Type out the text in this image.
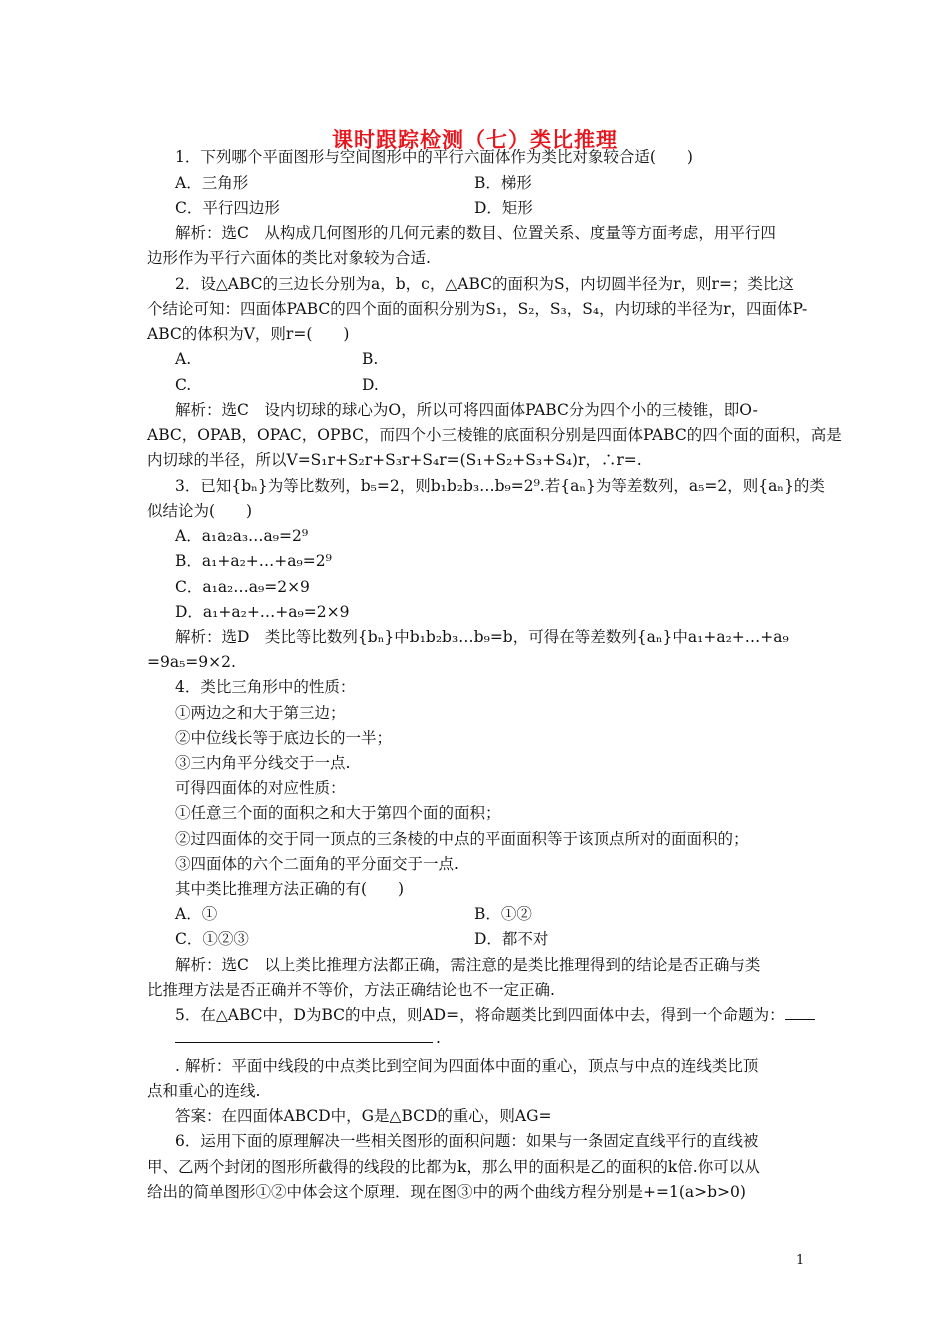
课时跟踪检测（七）类比推理
1．下列哪个平面图形与空间图形中的平行六面体作为类比对象较合适(　　)
A．三角形	B．梯形
C．平行四边形	D．矩形
解析：选C　从构成几何图形的几何元素的数目、位置关系、度量等方面考虑，用平行四
边形作为平行六面体的类比对象较为合适.
2．设△ABC的三边长分别为a，b，c，△ABC的面积为S，内切圆半径为r，则r=；类比这
个结论可知：四面体PABC的四个面的面积分别为S₁，S₂，S₃，S₄，内切球的半径为r，四面体P-
ABC的体积为V，则r=(　　)
A.	B.
C.	D.
解析：选C　设内切球的球心为O，所以可将四面体PABC分为四个小的三棱锥，即O-
ABC，OPAB，OPAC，OPBC，而四个小三棱锥的底面积分别是四面体PABC的四个面的面积，高是
内切球的半径，所以V=S₁r+S₂r+S₃r+S₄r=(S₁+S₂+S₃+S₄)r，∴r=.
3．已知{bₙ}为等比数列，b₅=2，则b₁b₂b₃…b₉=2⁹.若{aₙ}为等差数列，a₅=2，则{aₙ}的类
似结论为(　　)
A．a₁a₂a₃…a₉=2⁹
B．a₁+a₂+…+a₉=2⁹
C．a₁a₂…a₉=2×9
D．a₁+a₂+…+a₉=2×9
解析：选D　类比等比数列{bₙ}中b₁b₂b₃…b₉=b，可得在等差数列{aₙ}中a₁+a₂+…+a₉
=9a₅=9×2.
4．类比三角形中的性质：
①两边之和大于第三边；
②中位线长等于底边长的一半；
③三内角平分线交于一点.
可得四面体的对应性质：
①任意三个面的面积之和大于第四个面的面积；
②过四面体的交于同一顶点的三条棱的中点的平面面积等于该顶点所对的面面积的；
③四面体的六个二面角的平分面交于一点.
其中类比推理方法正确的有(　　)
A．①	B．①②
C．①②③	D．都不对
解析：选C　以上类比推理方法都正确，需注意的是类比推理得到的结论是否正确与类
比推理方法是否正确并不等价，方法正确结论也不一定正确.
5．在△ABC中，D为BC的中点，则AD=，将命题类比到四面体中去，得到一个命题为：
.
. 解析：平面中线段的中点类比到空间为四面体中面的重心，顶点与中点的连线类比顶
点和重心的连线.
答案：在四面体ABCD中，G是△BCD的重心，则AG=
6．运用下面的原理解决一些相关图形的面积问题：如果与一条固定直线平行的直线被
甲、乙两个封闭的图形所截得的线段的比都为k，那么甲的面积是乙的面积的k倍.你可以从
给出的简单图形①②中体会这个原理．现在图③中的两个曲线方程分别是+=1(a>b>0)
1
